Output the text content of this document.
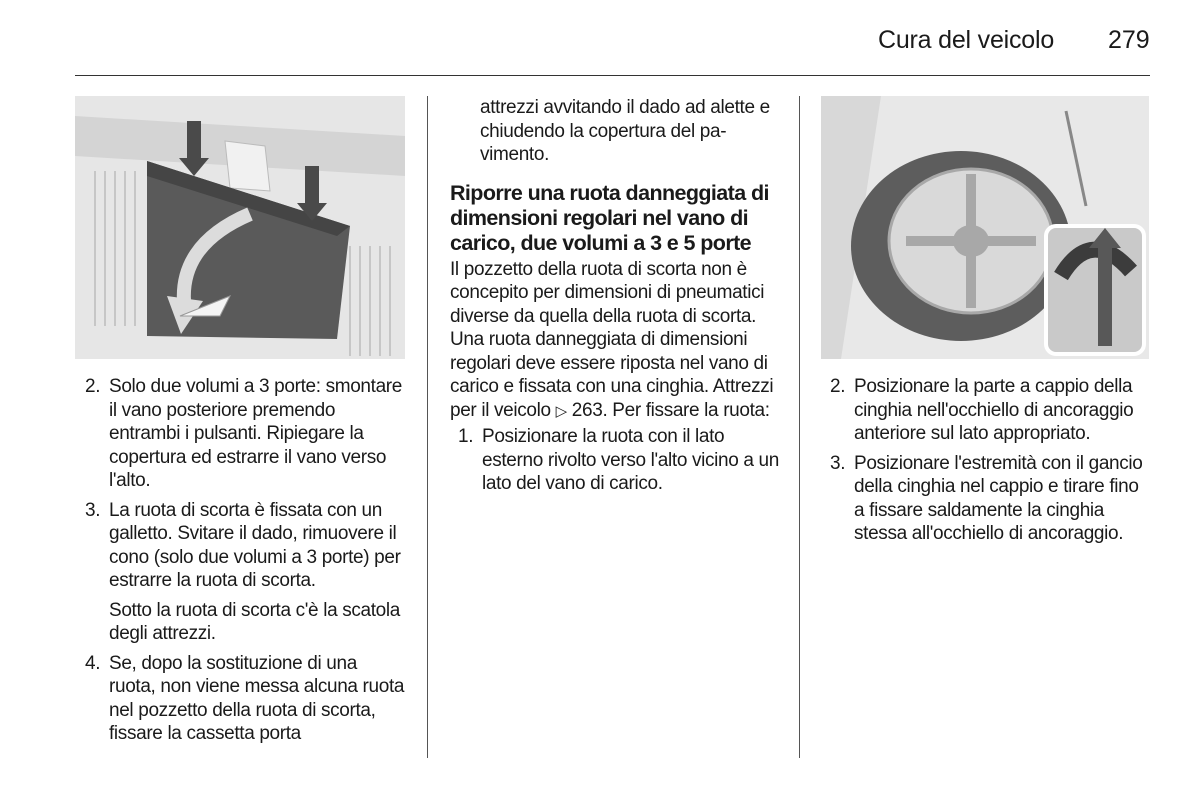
Cura del veicolo 279
2. Solo due volumi a 3 porte: smontare il vano posteriore premendo entrambi i pulsanti. Ripiegare la copertura ed estrarre il vano verso l'alto.
3. La ruota di scorta è fissata con un galletto. Svitare il dado, rimuovere il cono (solo due volumi a 3 porte) per estrarre la ruota di scorta.
Sotto la ruota di scorta c'è la scatola degli attrezzi.
4. Se, dopo la sostituzione di una ruota, non viene messa alcuna ruota nel pozzetto della ruota di scorta, fissare la cassetta porta
attrezzi avvitando il dado ad alette e chiudendo la copertura del pavimento.
Riporre una ruota danneggiata di dimensioni regolari nel vano di carico, due volumi a 3 e 5 porte

Il pozzetto della ruota di scorta non è concepito per dimensioni di pneumatici diverse da quella della ruota di scorta. Una ruota danneggiata di dimensioni regolari deve essere riposta nel vano di carico e fissata con una cinghia. Attrezzi per il veicolo ▷ 263. Per fissare la ruota:

1. Posizionare la ruota con il lato esterno rivolto verso l'alto vicino a un lato del vano di carico.
2. Posizionare la parte a cappio della cinghia nell'occhiello di ancoraggio anteriore sul lato appropriato.
3. Posizionare l'estremità con il gancio della cinghia nel cappio e tirare fino a fissare saldamente la cinghia stessa all'occhiello di ancoraggio.
